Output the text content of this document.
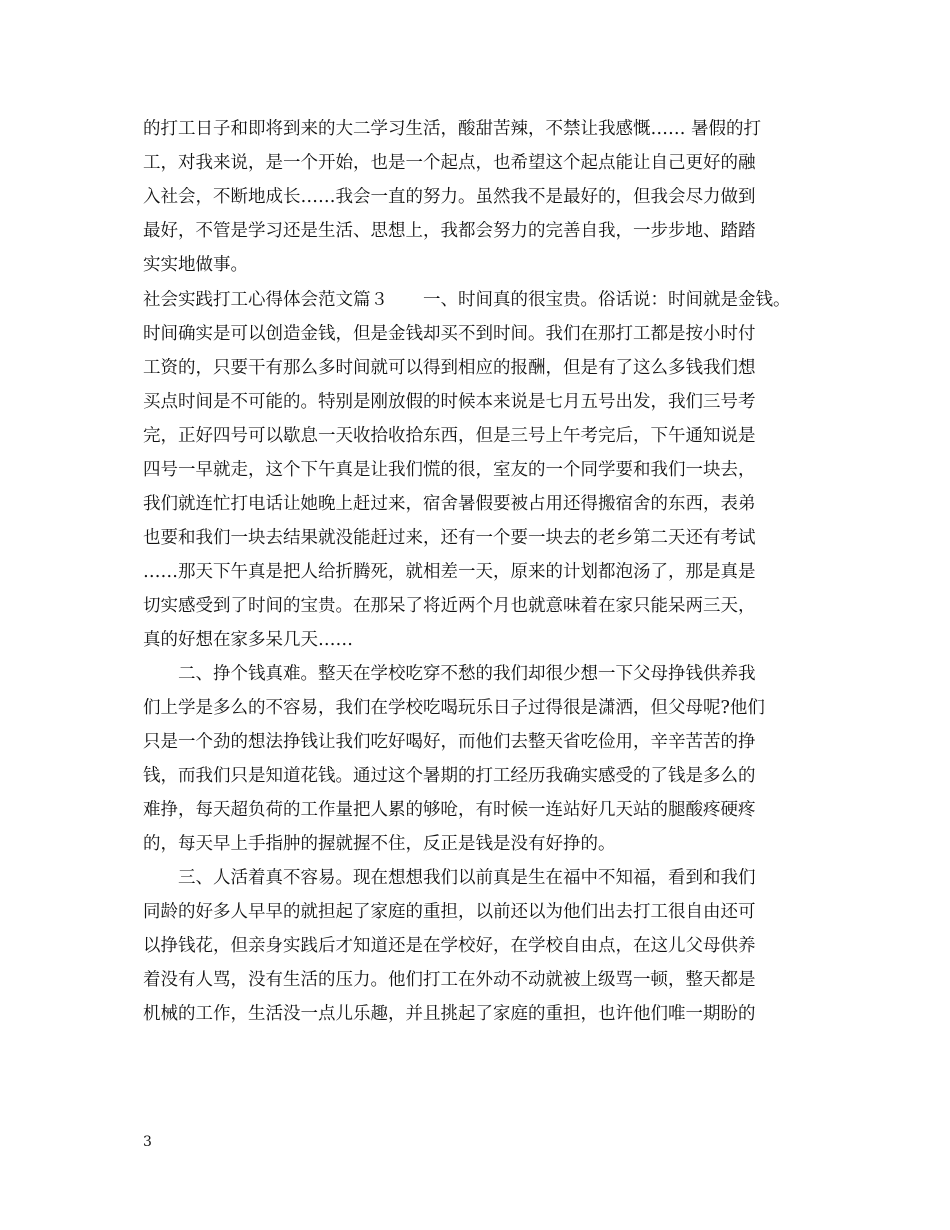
的打工日子和即将到来的大二学习生活，酸甜苦辣，不禁让我感慨…… 暑假的打
工，对我来说，是一个开始，也是一个起点，也希望这个起点能让自己更好的融
入社会，不断地成长……我会一直的努力。虽然我不是最好的，但我会尽力做到
最好，不管是学习还是生活、思想上，我都会努力的完善自我，一步步地、踏踏
实实地做事。
社会实践打工心得体会范文篇３　　一、时间真的很宝贵。俗话说：时间就是金钱。
时间确实是可以创造金钱，但是金钱却买不到时间。我们在那打工都是按小时付
工资的，只要干有那么多时间就可以得到相应的报酬，但是有了这么多钱我们想
买点时间是不可能的。特别是刚放假的时候本来说是七月五号出发，我们三号考
完，正好四号可以歇息一天收拾收拾东西，但是三号上午考完后，下午通知说是
四号一早就走，这个下午真是让我们慌的很，室友的一个同学要和我们一块去，
我们就连忙打电话让她晚上赶过来，宿舍暑假要被占用还得搬宿舍的东西，表弟
也要和我们一块去结果就没能赶过来，还有一个要一块去的老乡第二天还有考试
……那天下午真是把人给折腾死，就相差一天，原来的计划都泡汤了，那是真是
切实感受到了时间的宝贵。在那呆了将近两个月也就意味着在家只能呆两三天，
真的好想在家多呆几天……
　　二、挣个钱真难。整天在学校吃穿不愁的我们却很少想一下父母挣钱供养我
们上学是多么的不容易，我们在学校吃喝玩乐日子过得很是潇洒，但父母呢?他们
只是一个劲的想法挣钱让我们吃好喝好，而他们去整天省吃俭用，辛辛苦苦的挣
钱，而我们只是知道花钱。通过这个暑期的打工经历我确实感受的了钱是多么的
难挣，每天超负荷的工作量把人累的够呛，有时候一连站好几天站的腿酸疼硬疼
的，每天早上手指肿的握就握不住，反正是钱是没有好挣的。
　　三、人活着真不容易。现在想想我们以前真是生在福中不知福，看到和我们
同龄的好多人早早的就担起了家庭的重担，以前还以为他们出去打工很自由还可
以挣钱花，但亲身实践后才知道还是在学校好，在学校自由点，在这儿父母供养
着没有人骂，没有生活的压力。他们打工在外动不动就被上级骂一顿，整天都是
机械的工作，生活没一点儿乐趣，并且挑起了家庭的重担，也许他们唯一期盼的
3
